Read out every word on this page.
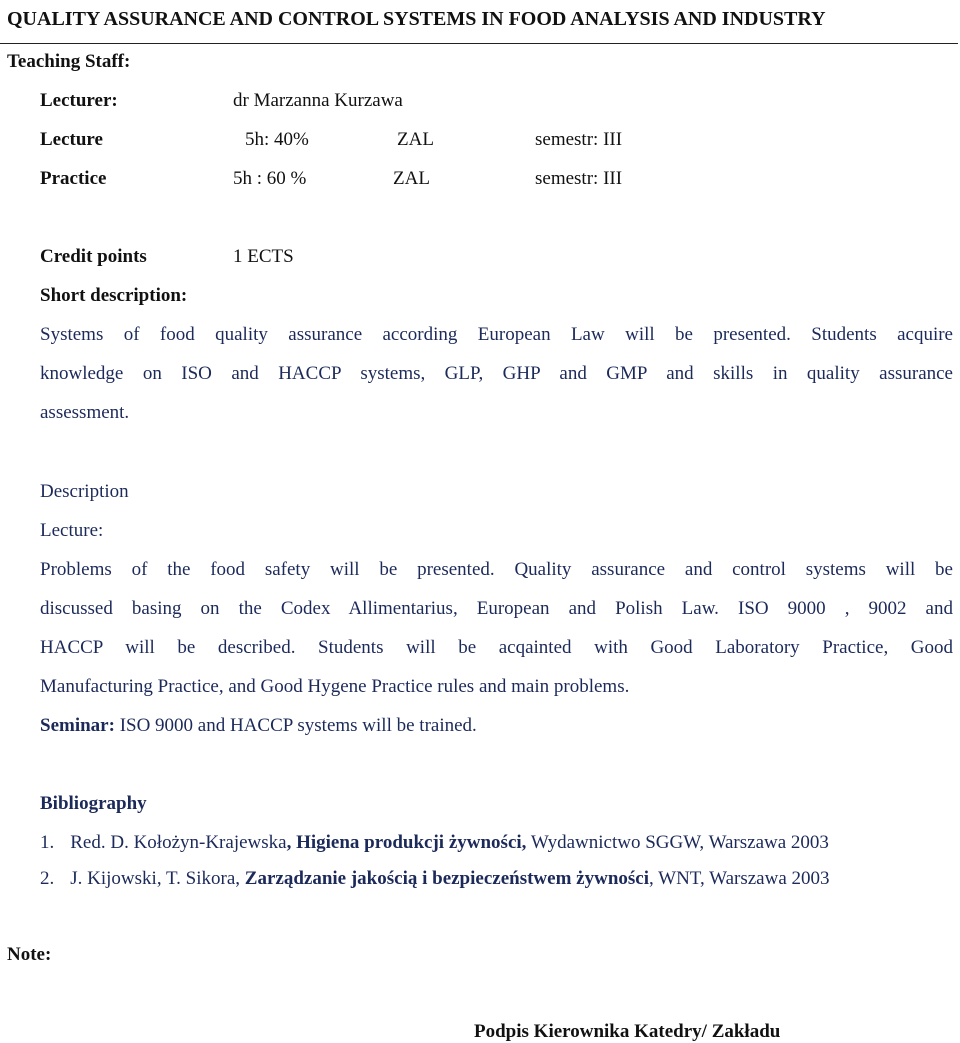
QUALITY ASSURANCE AND CONTROL SYSTEMS IN FOOD ANALYSIS AND INDUSTRY
Teaching Staff:
Lecturer:	dr Marzanna Kurzawa
Lecture	5h: 40%	ZAL	semestr: III
Practice	5h : 60 %	ZAL	semestr: III
Credit points	1 ECTS
Short description:
Systems of food quality assurance according European Law will be presented. Students acquire
knowledge on ISO and HACCP systems, GLP, GHP and GMP and skills in quality assurance
assessment.
Description
Lecture:
Problems of the food safety will be presented. Quality assurance and control systems will be
discussed basing on the Codex Allimentarius, European and Polish Law. ISO 9000 , 9002 and
HACCP will be described. Students will be acqainted with Good Laboratory Practice, Good
Manufacturing Practice, and Good Hygene Practice rules and main problems.
Seminar: ISO 9000 and HACCP systems will be trained.
Bibliography
1. Red. D. Kołożyn-Krajewska, Higiena produkcji żywności, Wydawnictwo SGGW, Warszawa 2003
2. J. Kijowski, T. Sikora, Zarządzanie jakością i bezpieczeństwem żywności, WNT, Warszawa 2003
Note:
Podpis Kierownika Katedry/ Zakładu
